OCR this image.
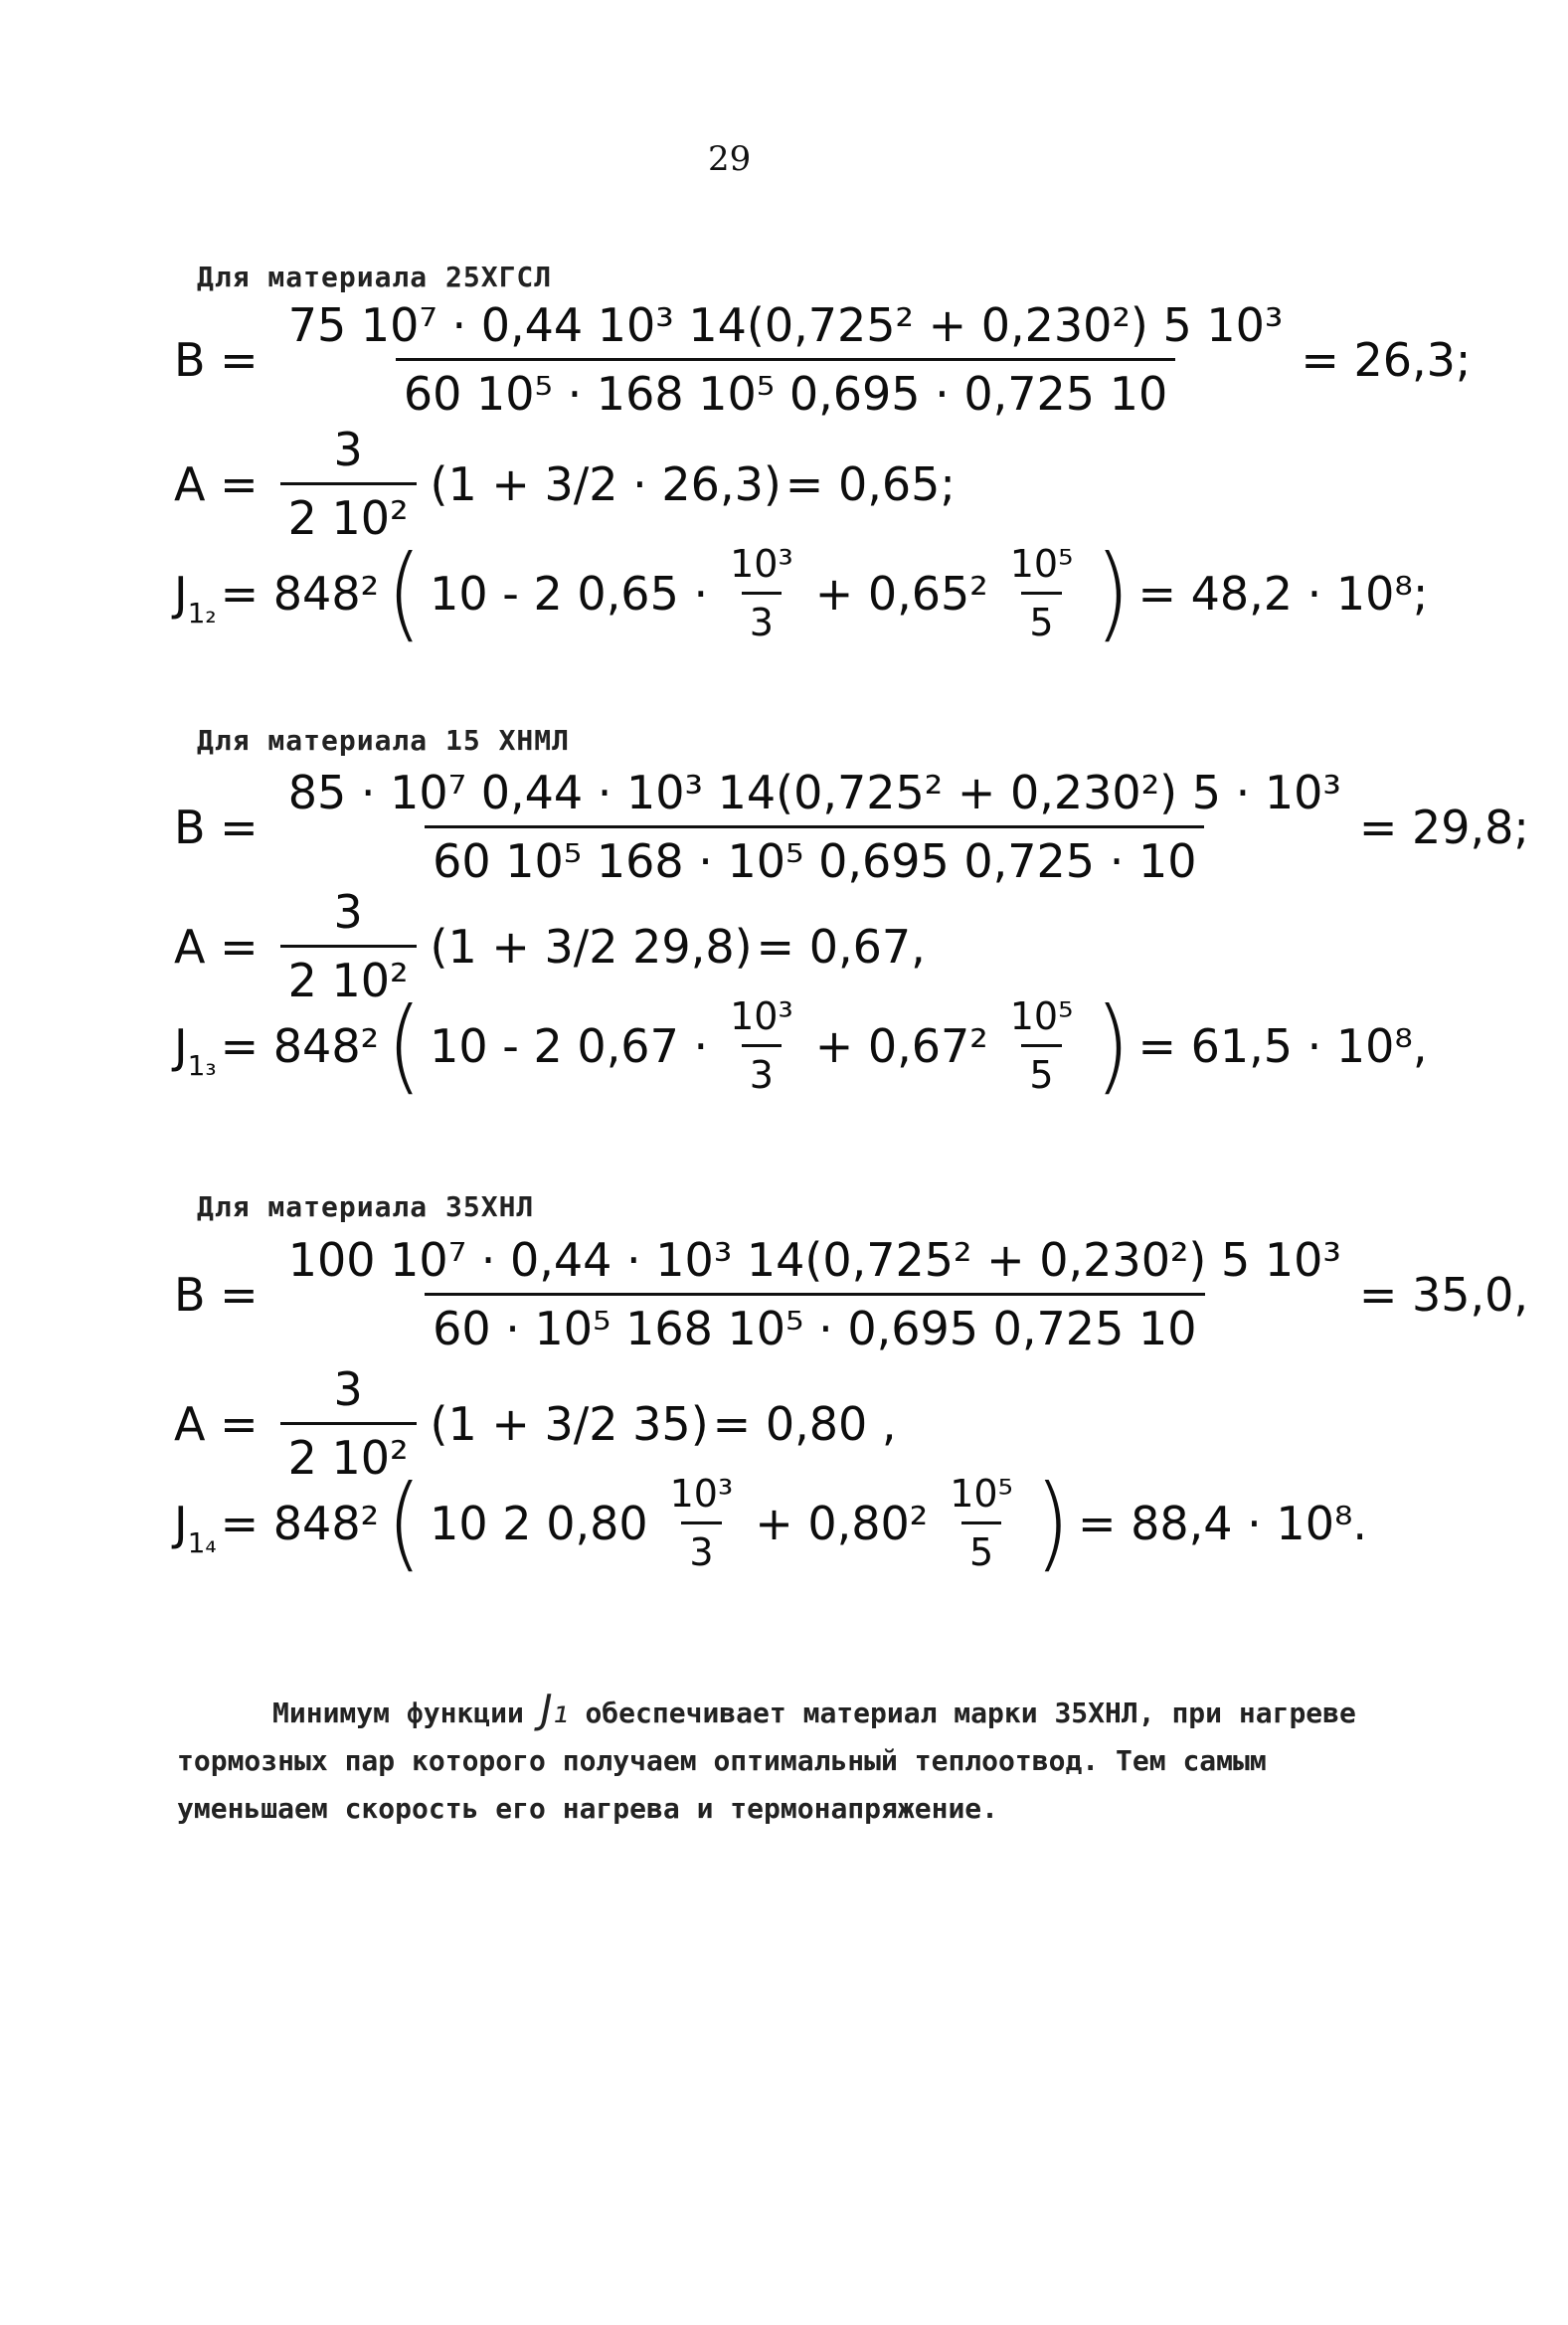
29
Для материала 25ХГСЛ
$B = \frac{\text{75 10⁷ · 0,44 10³ 14(0,725² + 0,230²) 5 10³}}{\text{60 10⁵ · 168 10⁵ 0,695 · 0,725 10}} = 26,3$;
$A = \frac{3}{\text{2 10²}} (1 + 3/2 \cdot 26,3) = 0,65$;
J 1₂ = 848² ( 10 - 2 $0,65 \cdot \frac{\text{10³}}{3} + 0,65^2 \frac{\text{10⁵}}{5}$ ) = 48,2 · 10⁸;
Для материала 15 ХНМЛ
$B = \frac{\text{85 · 10⁷ 0,44 · 10³ 14(0,725² + 0,230²) 5 · 10³}}{\text{60 10⁵ 168 · 10⁵ 0,695 0,725 · 10}} = 29,8$;
$A = \frac{3}{\text{2 10²}} (1 + 3/2$ 29,8) = 0,67,
J 1₃ = 848² ( 10 - 2 $0,67 \cdot \frac{\text{10³}}{3} + 0,67^2 \frac{\text{10⁵}}{5}$ ) = 61,5 · 10⁸,
Для материала 35ХНЛ
$B = \frac{\text{100 10⁷ · 0,44 · 10³ 14(0,725² + 0,230²) 5 10³}}{\text{60 · 10⁵ 168 10⁵ · 0,695 0,725 10}} = 35,0$,
$A = \frac{3}{\text{2 10²}} (1 + 3/2$ 35) = 0,80 ,
J 1₄ = 848² ( 10 2 $0,80 \frac{\text{10³}}{3} + 0,80^2 \frac{\text{10⁵}}{5}$ ) = 88,4 · 10⁸.
Минимум функции J₁ обеспечивает материал марки 35ХНЛ, при нагреве тормозных пар которого получаем оптимальный теплоотвод. Тем самым уменьшаем скорость его нагрева и термонапряжение.
